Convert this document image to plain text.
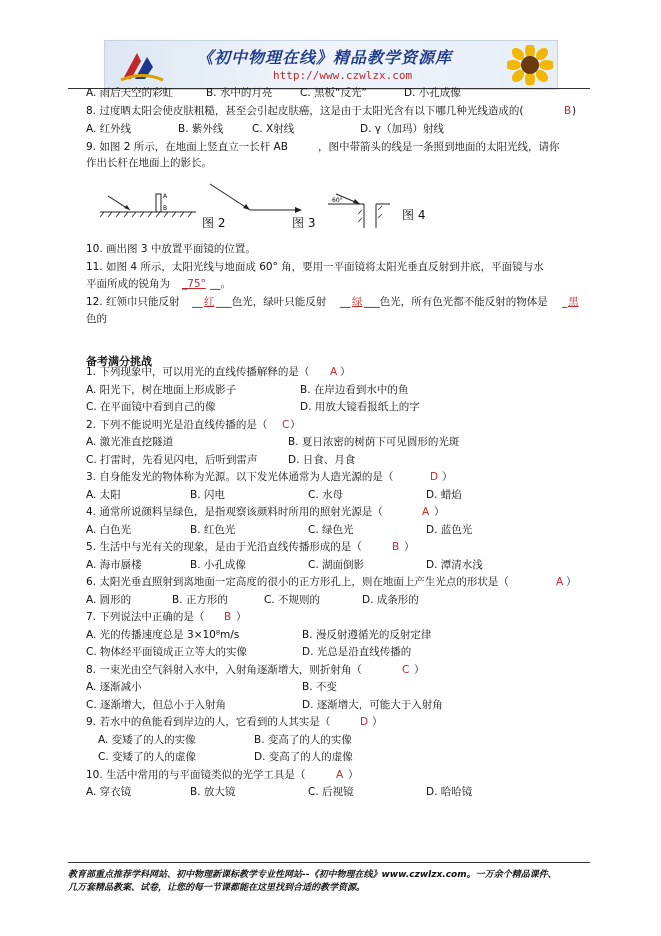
《初中物理在线》精品教学资源库
http://www.czwlzx.com
A. 雨后天空的彩虹	B. 水中的月亮	C. 黑板“反光”	D. 小孔成像
8. 过度晒太阳会使皮肤粗糙，甚至会引起皮肤癌，这是由于太阳光含有以下哪几种光线造成的(	B )
A. 红外线	B. 紫外线	C. X射线	D. γ（加玛）射线
9. 如图 2 所示，在地面上竖直立一长杆 AB	，图中带箭头的线是一条照到地面的太阳光线，请你
作出长杆在地面上的影长。
10. 画出图 3 中放置平面镜的位置。
11. 如图 4 所示，太阳光线与地面成 60° 角，要用一平面镜将太阳光垂直反射到井底，平面镜与水
平面所成的锐角为 _75° __。
12. 红领巾只能反射 __ 红 ___色光，绿叶只能反射 __ 绿 ___色光，所有色光都不能反射的物体是 _ 黑
色的
A
B
图 2	图 3
60°
图 4
备考满分挑战
1. 下列现象中，可以用光的直线传播解释的是（ A ）
A. 阳光下，树在地面上形成影子	B. 在岸边看到水中的鱼
C. 在平面镜中看到自己的像	D. 用放大镜看报纸上的字
2. 下列不能说明光是沿直线传播的是（ C ）
A. 激光准直挖隧道	B. 夏日浓密的树荫下可见圆形的光斑
C. 打雷时，先看见闪电，后听到雷声	D. 日食、月食
3. 自身能发光的物体称为光源。以下发光体通常为人造光源的是（	D ）
A. 太阳	B. 闪电	C. 水母	D. 蜡焰
4. 通常所说颜料呈绿色，是指观察该颜料时所用的照射光源是（	A ）
A. 白色光	B. 红色光	C. 绿色光	D. 蓝色光
5. 生活中与光有关的现象，是由于光沿直线传播形成的是（	B ）
A. 海市蜃楼	B. 小孔成像	C. 湖面倒影	D. 潭清水浅
6. 太阳光垂直照射到离地面一定高度的很小的正方形孔上，则在地面上产生光点的形状是（	A ）
A. 圆形的	B. 正方形的	C. 不规则的	D. 成条形的
7. 下列说法中正确的是（ B ）
A. 光的传播速度总是 3×10⁸m/s	B. 漫反射遵循光的反射定律
C. 物体经平面镜成正立等大的实像	D. 光总是沿直线传播的
8. 一束光由空气斜射入水中，入射角逐渐增大，则折射角（	C ）
A. 逐渐减小	B. 不变
C. 逐渐增大，但总小于入射角	D. 逐渐增大，可能大于入射角
9. 若水中的鱼能看到岸边的人，它看到的人其实是（	D ）
A. 变矮了的人的实像	B. 变高了的人的实像
C. 变矮了的人的虚像	D. 变高了的人的虚像
10. 生活中常用的与平面镜类似的光学工具是（	A ）
A. 穿衣镜	B. 放大镜	C. 后视镜	D. 哈哈镜
教育部重点推荐学科网站、初中物理新课标教学专业性网站--《初中物理在线》www.czwlzx.com。一万余个精品课件、
几万套精品教案、试卷，让您的每一节课都能在这里找到合适的教学资源。
